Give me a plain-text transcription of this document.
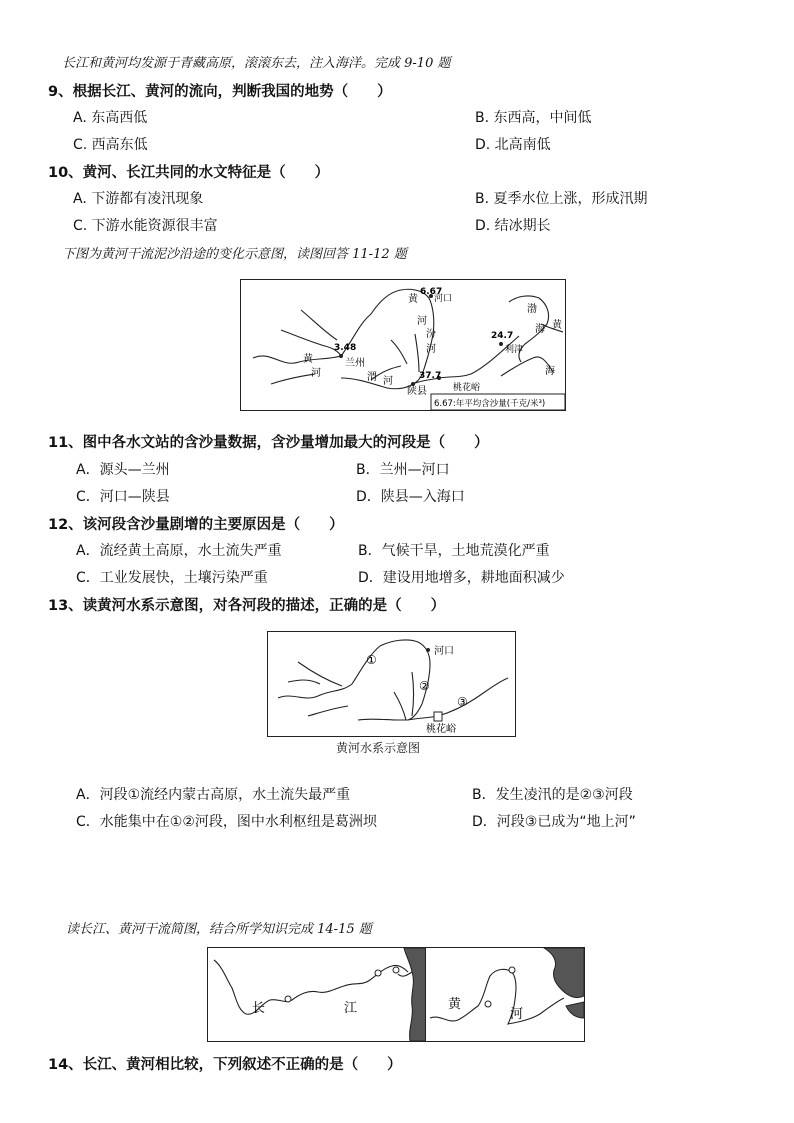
长江和黄河均发源于青藏高原，滚滚东去，注入海洋。完成 9-10 题
9、根据长江、黄河的流向，判断我国的地势（　　）
A. 东高西低	B. 东西高，中间低
C. 西高东低	D. 北高南低
10、黄河、长江共同的水文特征是（　　）
A. 下游都有凌汛现象	B. 夏季水位上涨，形成汛期
C. 下游水能资源很丰富	D. 结冰期长
下图为黄河干流泥沙沿途的变化示意图，读图回答 11-12 题
6.67
河口
黄
河
汾
河
渤
海 黄
海
24.7
利津
3.48
黄
河
兰州
渭 河	37.7
陕县	桃花峪
6.67:年平均含沙量(千克/米³)
11、图中各水文站的含沙量数据，含沙量增加最大的河段是（　　）
A．源头—兰州	B．兰州—河口
C．河口—陕县	D．陕县—入海口
12、该河段含沙量剧增的主要原因是（　　）
A．流经黄土高原，水土流失严重	B．气候干旱，土地荒漠化严重
C．工业发展快，土壤污染严重	D．建设用地增多，耕地面积减少
13、读黄河水系示意图，对各河段的描述，正确的是（　　）
①
②
③
河口
桃花峪
黄河水系示意图
A．河段①流经内蒙古高原，水土流失最严重	B．发生凌汛的是②③河段
C．水能集中在①②河段，图中水利枢纽是葛洲坝	D．河段③已成为“地上河”
读长江、黄河干流简图，结合所学知识完成 14-15 题
长	江	黄
河
14、长江、黄河相比较，下列叙述不正确的是（　　）
